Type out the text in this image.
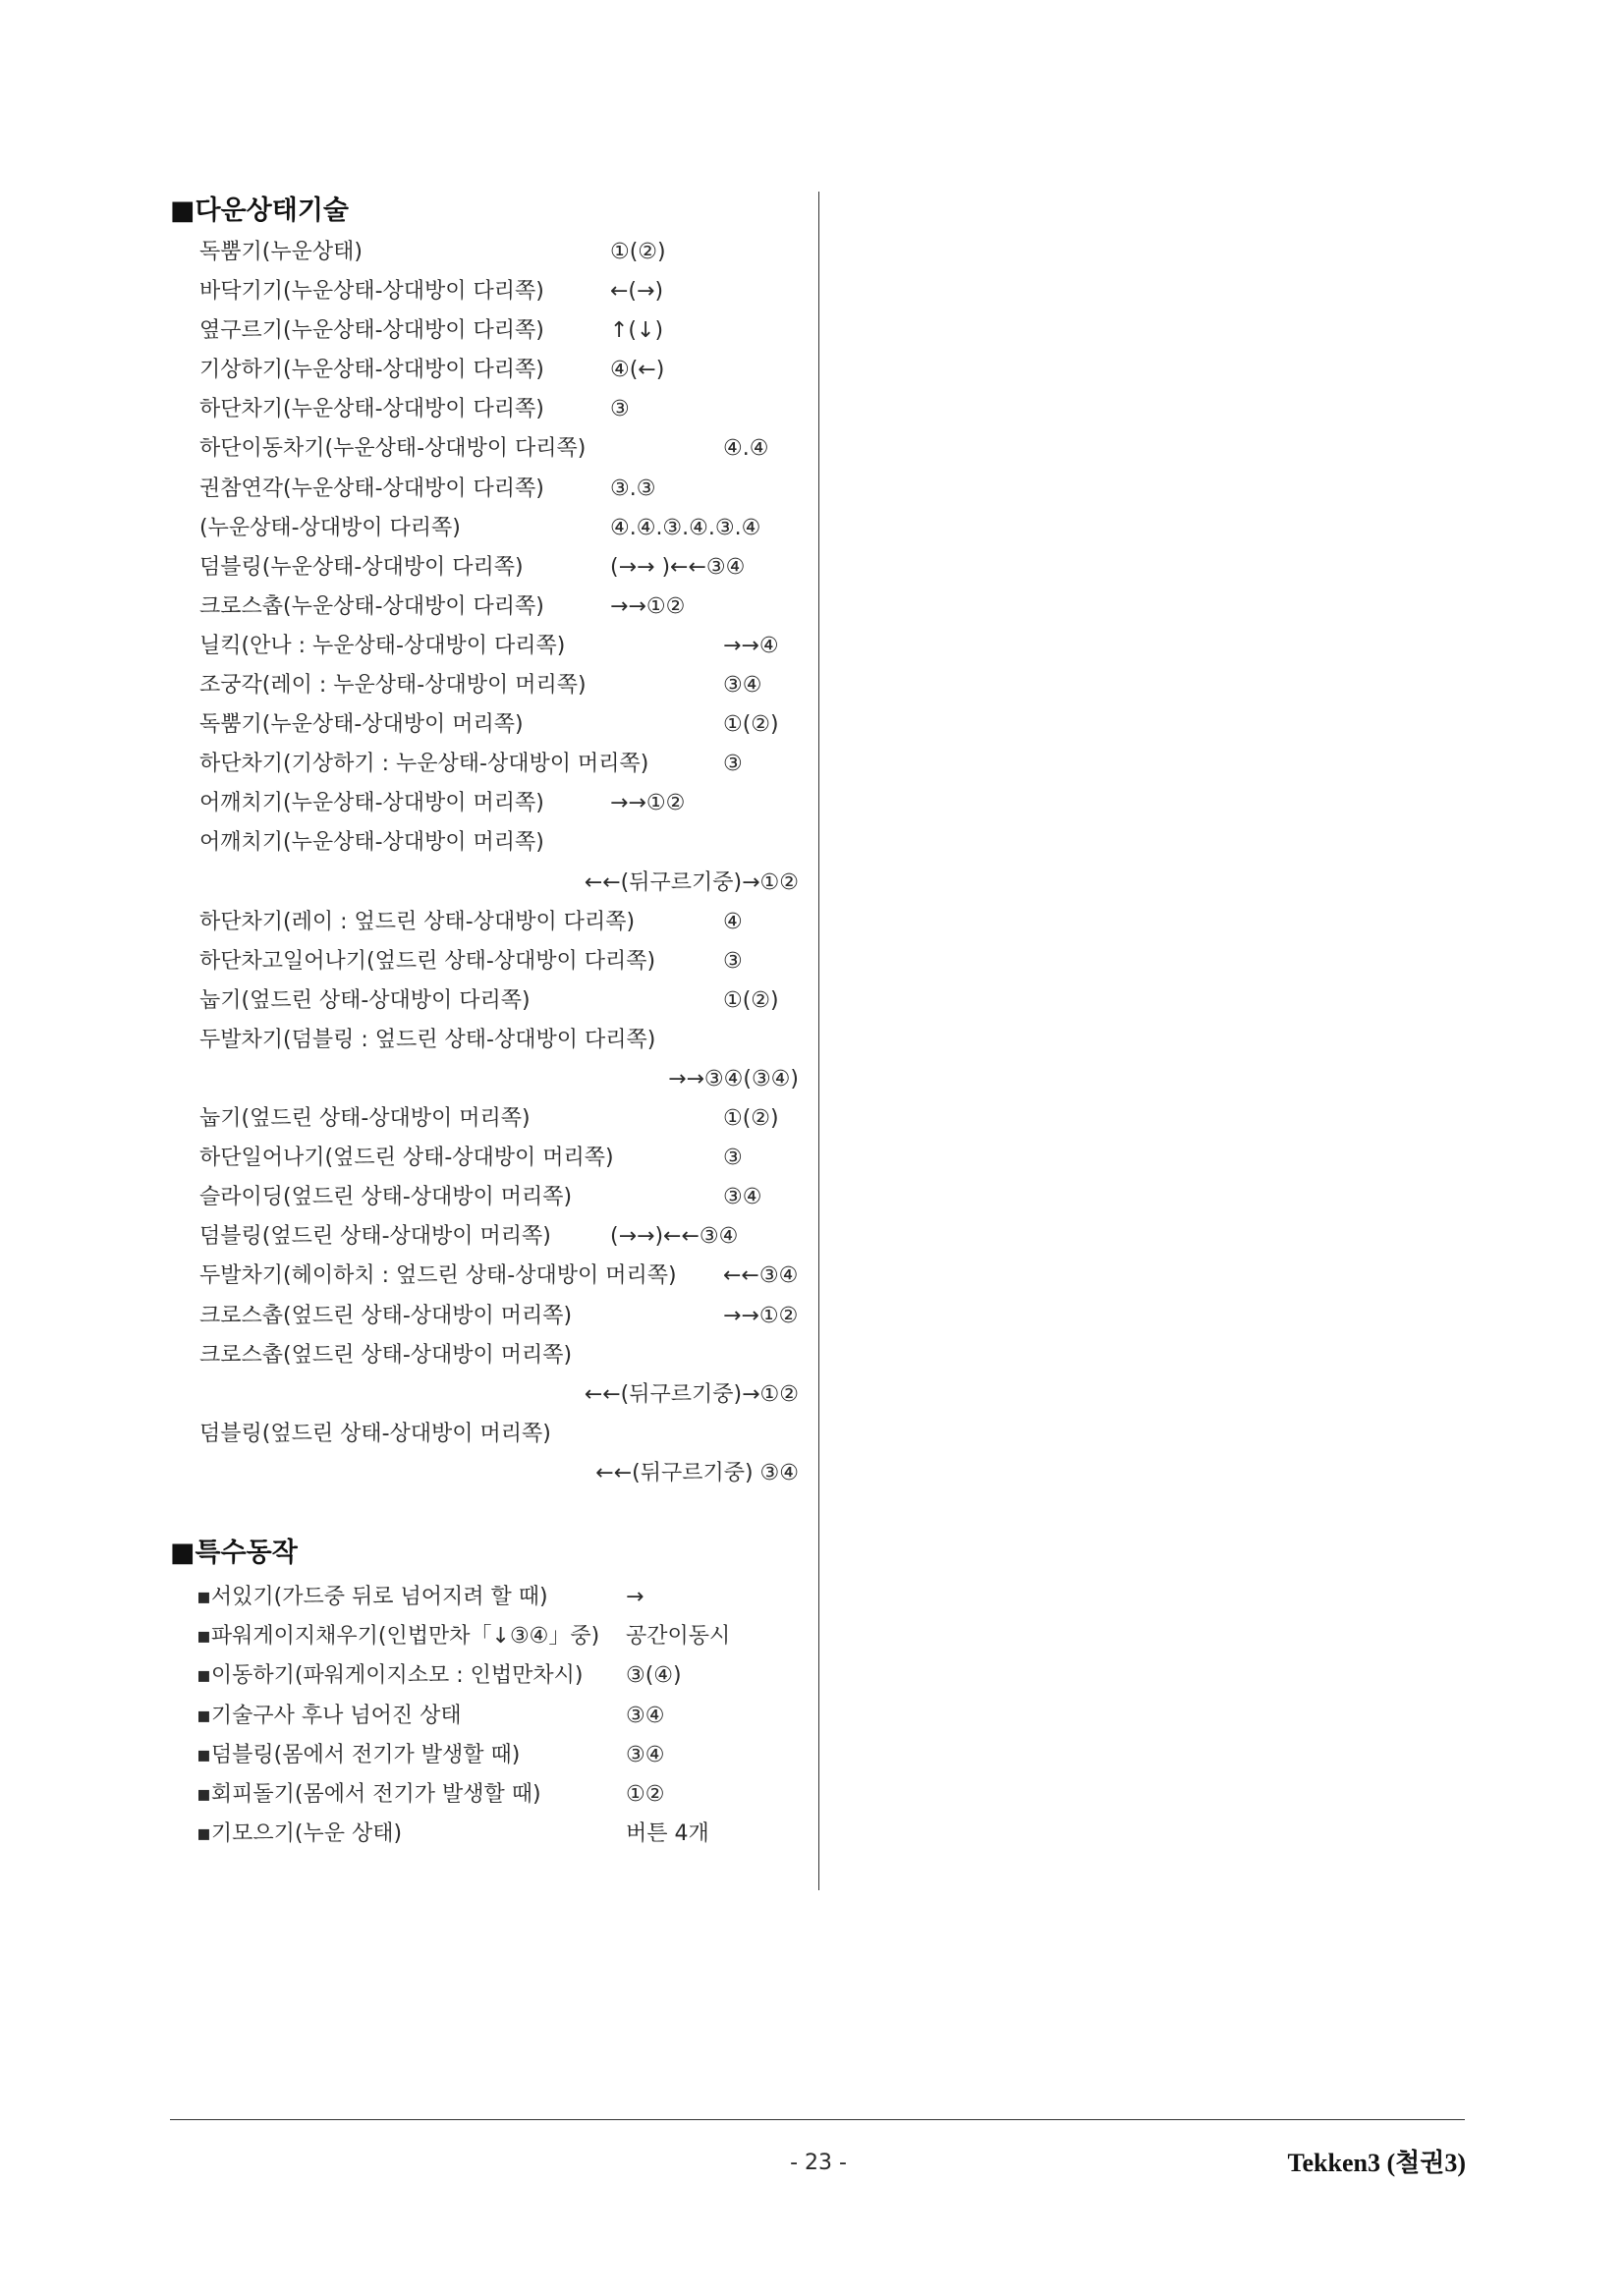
■다운상태기술
독뿜기(누운상태)	①(②)
바닥기기(누운상태-상대방이 다리쪽)	←(→)
옆구르기(누운상태-상대방이 다리쪽)	↑(↓)
기상하기(누운상태-상대방이 다리쪽)	④(←)
하단차기(누운상태-상대방이 다리쪽)	③
하단이동차기(누운상태-상대방이 다리쪽)	④.④
권참연각(누운상태-상대방이 다리쪽)	③.③
(누운상태-상대방이 다리쪽)	④.④.③.④.③.④
덤블링(누운상태-상대방이 다리쪽)	(→→ )←←③④
크로스촙(누운상태-상대방이 다리쪽)	→→①②
닐킥(안나 : 누운상태-상대방이 다리쪽)	→→④
조궁각(레이 : 누운상태-상대방이 머리쪽)	③④
독뿜기(누운상태-상대방이 머리쪽)	①(②)
하단차기(기상하기 : 누운상태-상대방이 머리쪽)	③
어깨치기(누운상태-상대방이 머리쪽)	→→①②
어깨치기(누운상태-상대방이 머리쪽)
←←(뒤구르기중)→①②
하단차기(레이 : 엎드린 상태-상대방이 다리쪽)	④
하단차고일어나기(엎드린 상태-상대방이 다리쪽)	③
눕기(엎드린 상태-상대방이 다리쪽)	①(②)
두발차기(덤블링 : 엎드린 상태-상대방이 다리쪽)
→→③④(③④)
눕기(엎드린 상태-상대방이 머리쪽)	①(②)
하단일어나기(엎드린 상태-상대방이 머리쪽)	③
슬라이딩(엎드린 상태-상대방이 머리쪽)	③④
덤블링(엎드린 상태-상대방이 머리쪽)	(→→)←←③④
두발차기(헤이하치 : 엎드린 상태-상대방이 머리쪽) ←←③④
크로스촙(엎드린 상태-상대방이 머리쪽)	→→①②
크로스촙(엎드린 상태-상대방이 머리쪽)
←←(뒤구르기중)→①②
덤블링(엎드린 상태-상대방이 머리쪽)
←←(뒤구르기중) ③④
■특수동작
▪서있기(가드중 뒤로 넘어지려 할 때)	→
▪파워게이지채우기(인법만차「↓③④」중) 공간이동시
▪이동하기(파워게이지소모 : 인법만차시) ③(④)
▪기술구사 후나 넘어진 상태	③④
▪덤블링(몸에서 전기가 발생할 때)	③④
▪회피돌기(몸에서 전기가 발생할 때)	①②
▪기모으기(누운 상태)	버튼 4개
- 23 -	Tekken3 (철권3)
